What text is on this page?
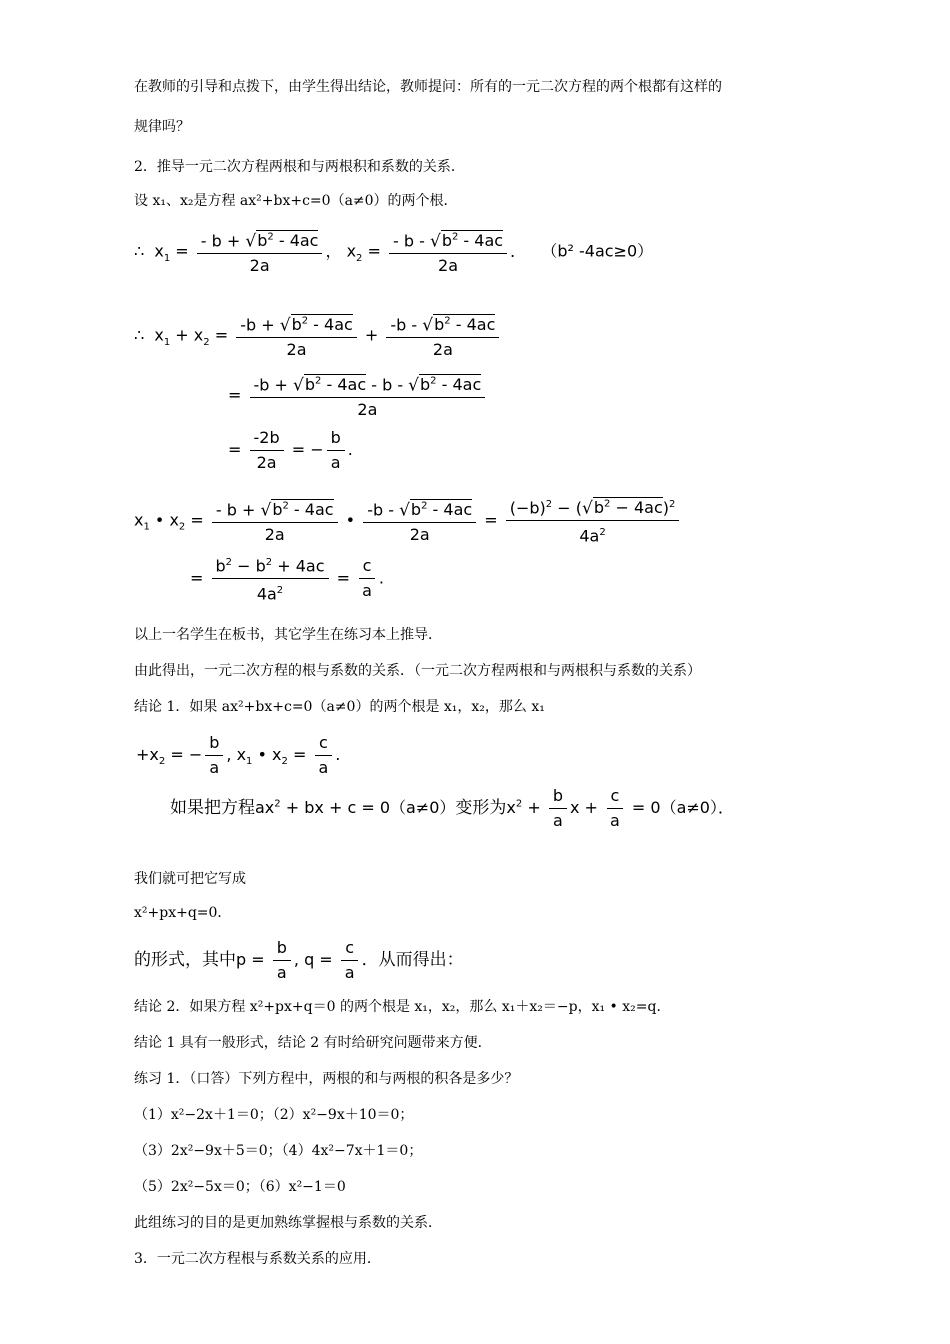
在教师的引导和点拨下，由学生得出结论，教师提问：所有的一元二次方程的两个根都有这样的
规律吗？
2．推导一元二次方程两根和与两根积和系数的关系．
设 x₁、x₂是方程 ax²+bx+c=0（a≠0）的两个根．
∴  $x_1 = \frac{- b + √b^2 - 4ac}{2a}$ ， $x_2 = \frac{- b - √b^2 - 4ac}{2a}$ ．   （b² -4ac≥0）
∴  $x_1 + x_2 = \frac{-b + √b^2 - 4ac}{2a} + \frac{-b - √b^2 - 4ac}{2a}$
= $\frac{-b + √b^2 - 4ac - b - √b^2 - 4ac}{2a}$
= $\frac{-2b}{2a}$ = − $\frac{b}{a}$ .
$x_1$ • $x_2 = \frac{- b + √b^2 - 4ac}{2a}$ • $\frac{-b - √b^2 - 4ac}{2a} = \frac{(-b)^2 - (√b^2 - 4ac)^2}{4a^2}$
= $\frac{b^2 - b^2 + 4ac}{4a^2} = \frac{c}{a}$ .
以上一名学生在板书，其它学生在练习本上推导．
由此得出，一元二次方程的根与系数的关系．（一元二次方程两根和与两根积与系数的关系）
结论 1．如果 ax²+bx+c=0（a≠0）的两个根是 x₁，x₂，那么 x₁
$+x_2$ = − $\frac{b}{a}$ , $x_1$ • $x_2 = \frac{c}{a}$ .
如果把方程$ax^2$ + bx + c = 0（a≠0）变形为$x^2 + \frac{b}{a}$ $x + \frac{c}{a} = 0(a\ne 0)$．
我们就可把它写成
x²+px+q=0．
的形式，其中$p = \frac{b}{a}$ , $q = \frac{c}{a}$ ．从而得出：
结论 2．如果方程 x²+px+q＝0 的两个根是 x₁，x₂，那么 x₁＋x₂＝−p，x₁ • x₂=q．
结论 1 具有一般形式，结论 2 有时给研究问题带来方便．
练习 1．（口答）下列方程中，两根的和与两根的积各是多少？
（1）x²−2x＋1＝0；（2）x²−9x＋10＝0；
（3）2x²−9x＋5＝0；（4）4x²−7x＋1＝0；
（5）2x²−5x＝0；（6）x²−1＝0
此组练习的目的是更加熟练掌握根与系数的关系．
3．一元二次方程根与系数关系的应用．
